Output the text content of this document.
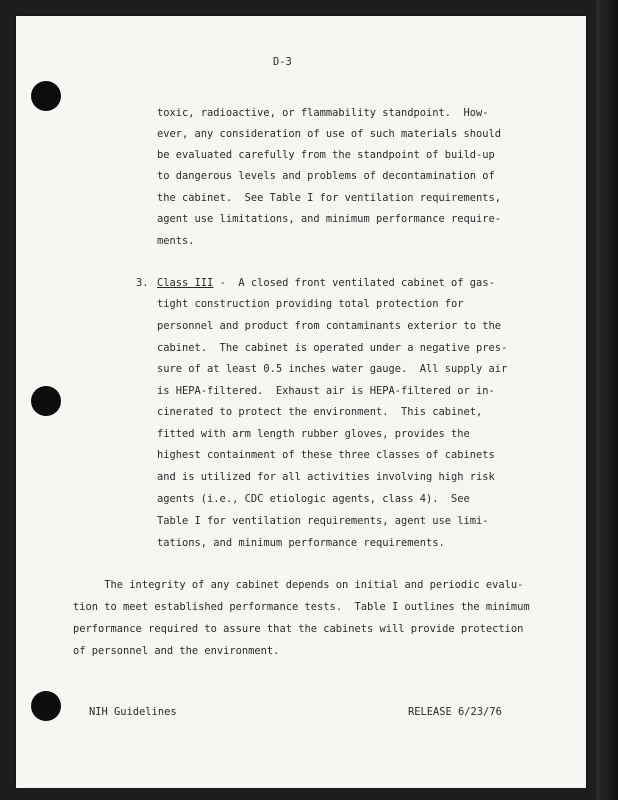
D-3
toxic, radioactive, or flammability standpoint.  How-
ever, any consideration of use of such materials should
be evaluated carefully from the standpoint of build-up
to dangerous levels and problems of decontamination of
the cabinet.  See Table I for ventilation requirements,
agent use limitations, and minimum performance require-
ments.
3. Class III -  A closed front ventilated cabinet of gas-
tight construction providing total protection for
personnel and product from contaminants exterior to the
cabinet.  The cabinet is operated under a negative pres-
sure of at least 0.5 inches water gauge.  All supply air
is HEPA-filtered.  Exhaust air is HEPA-filtered or in-
cinerated to protect the environment.  This cabinet,
fitted with arm length rubber gloves, provides the
highest containment of these three classes of cabinets
and is utilized for all activities involving high risk
agents (i.e., CDC etiologic agents, class 4).  See
Table I for ventilation requirements, agent use limi-
tations, and minimum performance requirements.
The integrity of any cabinet depends on initial and periodic evalu-
tion to meet established performance tests.  Table I outlines the minimum
performance required to assure that the cabinets will provide protection
of personnel and the environment.
NIH Guidelines	RELEASE 6/23/76
